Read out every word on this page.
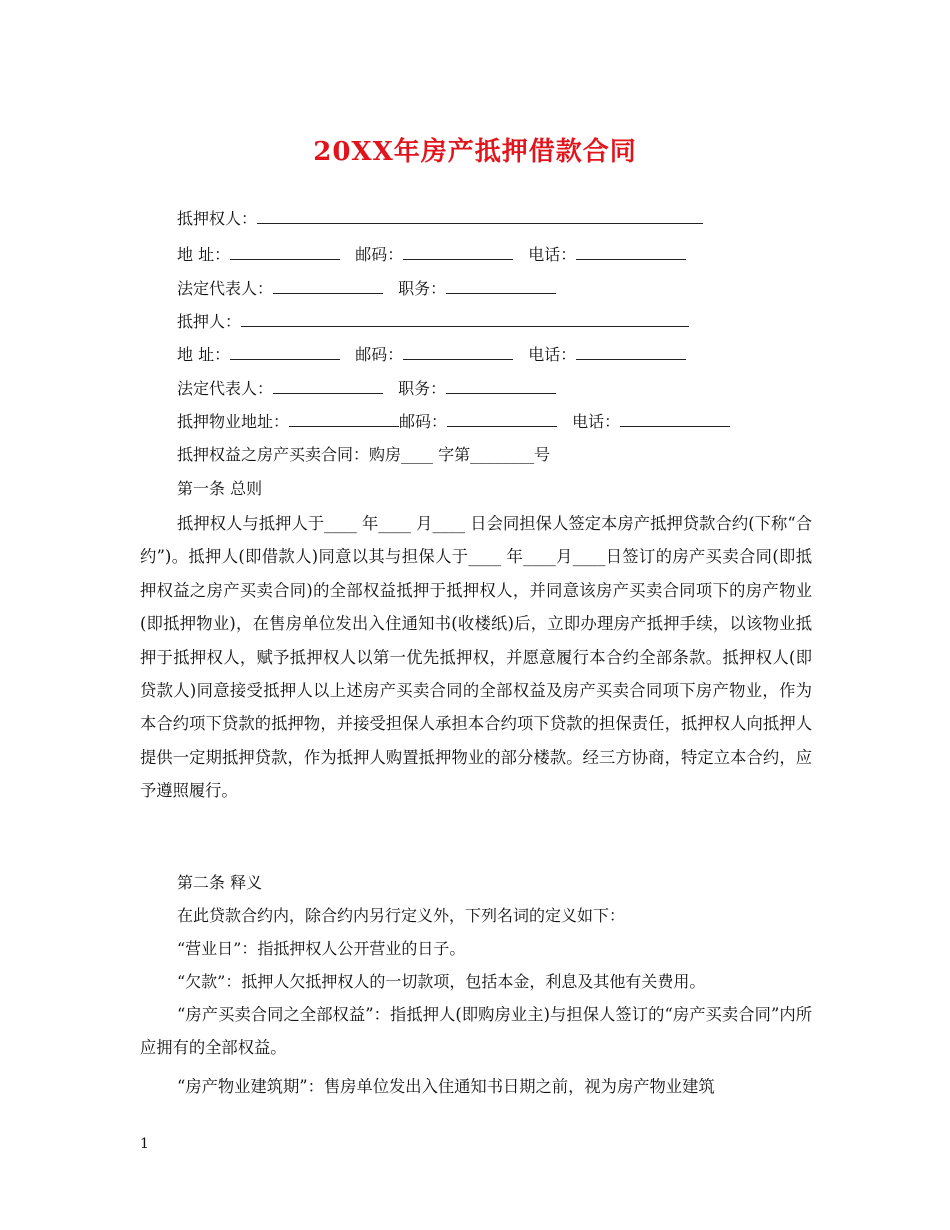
20XX年房产抵押借款合同
抵押权人：
地 址：	邮码：	电话：
法定代表人：	职务：
抵押人：
地 址：	邮码：	电话：
法定代表人：	职务：
抵押物业地址：	邮码：	电话：
抵押权益之房产买卖合同：购房____ 字第________号
第一条 总则
抵押权人与抵押人于____ 年____ 月____ 日会同担保人签定本房产抵押贷款合约(下称“合约”)。抵押人(即借款人)同意以其与担保人于____ 年____月____日签订的房产买卖合同(即抵押权益之房产买卖合同)的全部权益抵押于抵押权人，并同意该房产买卖合同项下的房产物业(即抵押物业)，在售房单位发出入住通知书(收楼纸)后，立即办理房产抵押手续，以该物业抵押于抵押权人，赋予抵押权人以第一优先抵押权，并愿意履行本合约全部条款。抵押权人(即贷款人)同意接受抵押人以上述房产买卖合同的全部权益及房产买卖合同项下房产物业，作为本合约项下贷款的抵押物，并接受担保人承担本合约项下贷款的担保责任，抵押权人向抵押人提供一定期抵押贷款，作为抵押人购置抵押物业的部分楼款。经三方协商，特定立本合约，应予遵照履行。
第二条 释义
在此贷款合约内，除合约内另行定义外，下列名词的定义如下：
“营业日”：指抵押权人公开营业的日子。
“欠款”：抵押人欠抵押权人的一切款项，包括本金，利息及其他有关费用。
“房产买卖合同之全部权益”：指抵押人(即购房业主)与担保人签订的“房产买卖合同”内所应拥有的全部权益。
“房产物业建筑期”：售房单位发出入住通知书日期之前，视为房产物业建筑
1
